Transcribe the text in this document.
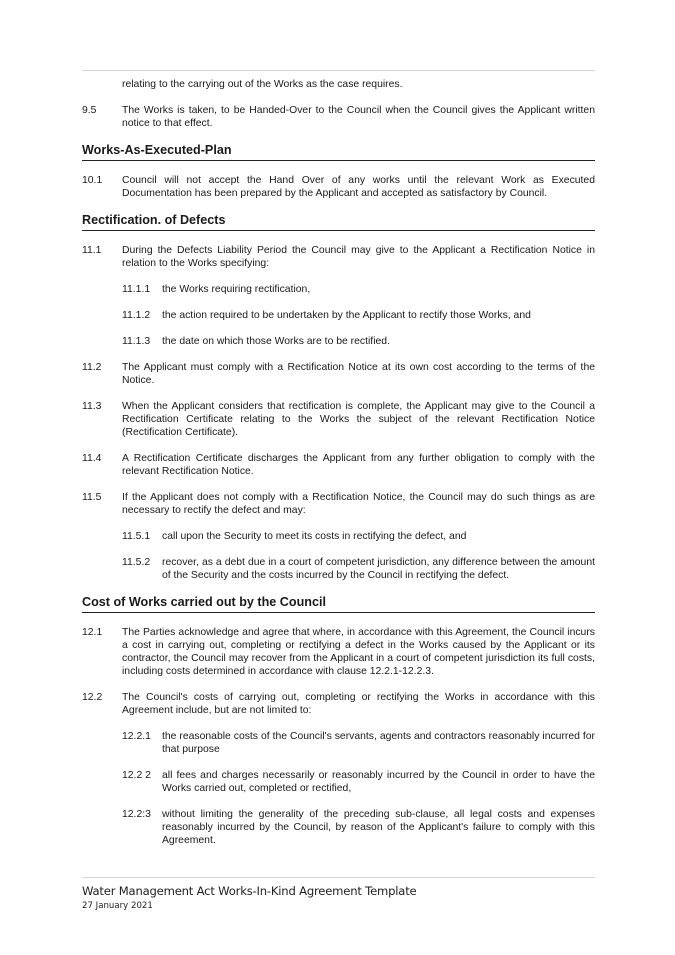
relating to the carrying out of the Works as the case requires.
9.5 The Works is taken, to be Handed-Over to the Council when the Council gives the Applicant written notice to that effect.
Works-As-Executed-Plan
10.1 Council will not accept the Hand Over of any works until the relevant Work as Executed Documentation has been prepared by the Applicant and accepted as satisfactory by Council.
Rectification. of Defects
11.1 During the Defects Liability Period the Council may give to the Applicant a Rectification Notice in relation to the Works specifying:
11.1.1 the Works requiring rectification,
11.1.2 the action required to be undertaken by the Applicant to rectify those Works, and
11.1.3 the date on which those Works are to be rectified.
11.2 The Applicant must comply with a Rectification Notice at its own cost according to the terms of the Notice.
11.3 When the Applicant considers that rectification is complete, the Applicant may give to the Council a Rectification Certificate relating to the Works the subject of the relevant Rectification Notice (Rectification Certificate).
11.4 A Rectification Certificate discharges the Applicant from any further obligation to comply with the relevant Rectification Notice.
11.5 If the Applicant does not comply with a Rectification Notice, the Council may do such things as are necessary to rectify the defect and may:
11.5.1 call upon the Security to meet its costs in rectifying the defect, and
11.5.2 recover, as a debt due in a court of competent jurisdiction, any difference between the amount of the Security and the costs incurred by the Council in rectifying the defect.
Cost of Works carried out by the Council
12.1 The Parties acknowledge and agree that where, in accordance with this Agreement, the Council incurs a cost in carrying out, completing or rectifying a defect in the Works caused by the Applicant or its contractor, the Council may recover from the Applicant in a court of competent jurisdiction its full costs, including costs determined in accordance with clause 12.2.1-12.2.3.
12.2 The Council's costs of carrying out, completing or rectifying the Works in accordance with this Agreement include, but are not limited to:
12.2.1 the reasonable costs of the Council's servants, agents and contractors reasonably incurred for that purpose
12.2 2 all fees and charges necessarily or reasonably incurred by the Council in order to have the Works carried out, completed or rectified,
12.2:3 without limiting the generality of the preceding sub-clause, all legal costs and expenses reasonably incurred by the Council, by reason of the Applicant's failure to comply with this Agreement.
Water Management Act Works-In-Kind Agreement Template
27 January 2021
